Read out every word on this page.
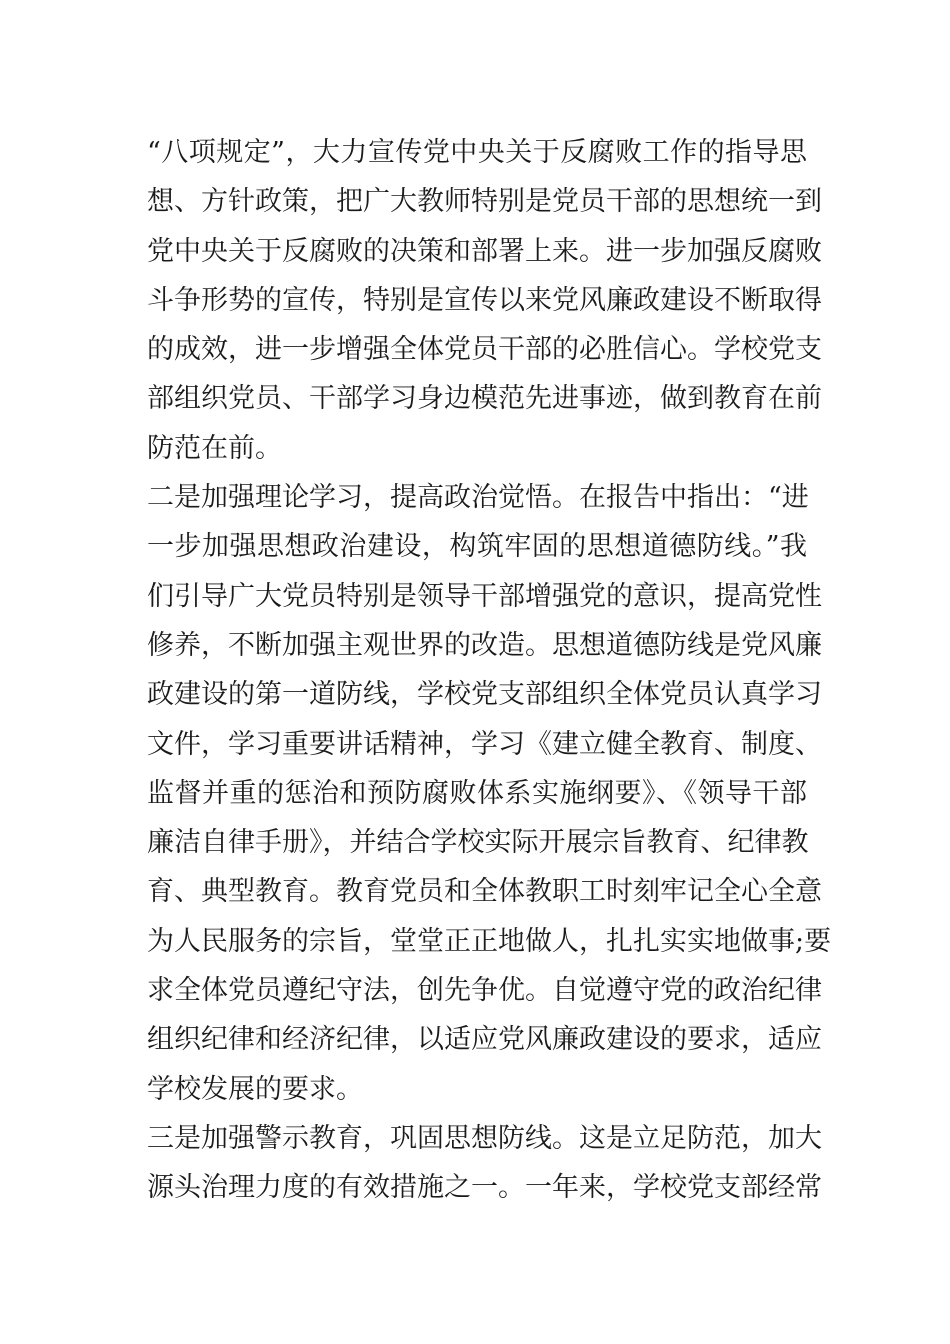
“八项规定”，大力宣传党中央关于反腐败工作的指导思
想、方针政策，把广大教师特别是党员干部的思想统一到
党中央关于反腐败的决策和部署上来。进一步加强反腐败
斗争形势的宣传，特别是宣传以来党风廉政建设不断取得
的成效，进一步增强全体党员干部的必胜信心。学校党支
部组织党员、干部学习身边模范先进事迹，做到教育在前
防范在前。
二是加强理论学习，提高政治觉悟。在报告中指出：“进
一步加强思想政治建设，构筑牢固的思想道德防线。”我
们引导广大党员特别是领导干部增强党的意识，提高党性
修养，不断加强主观世界的改造。思想道德防线是党风廉
政建设的第一道防线，学校党支部组织全体党员认真学习
文件，学习重要讲话精神，学习《建立健全教育、制度、
监督并重的惩治和预防腐败体系实施纲要》、《领导干部
廉洁自律手册》，并结合学校实际开展宗旨教育、纪律教
育、典型教育。教育党员和全体教职工时刻牢记全心全意
为人民服务的宗旨，堂堂正正地做人，扎扎实实地做事;要
求全体党员遵纪守法，创先争优。自觉遵守党的政治纪律
组织纪律和经济纪律，以适应党风廉政建设的要求，适应
学校发展的要求。
三是加强警示教育，巩固思想防线。这是立足防范，加大
源头治理力度的有效措施之一。一年来，学校党支部经常
